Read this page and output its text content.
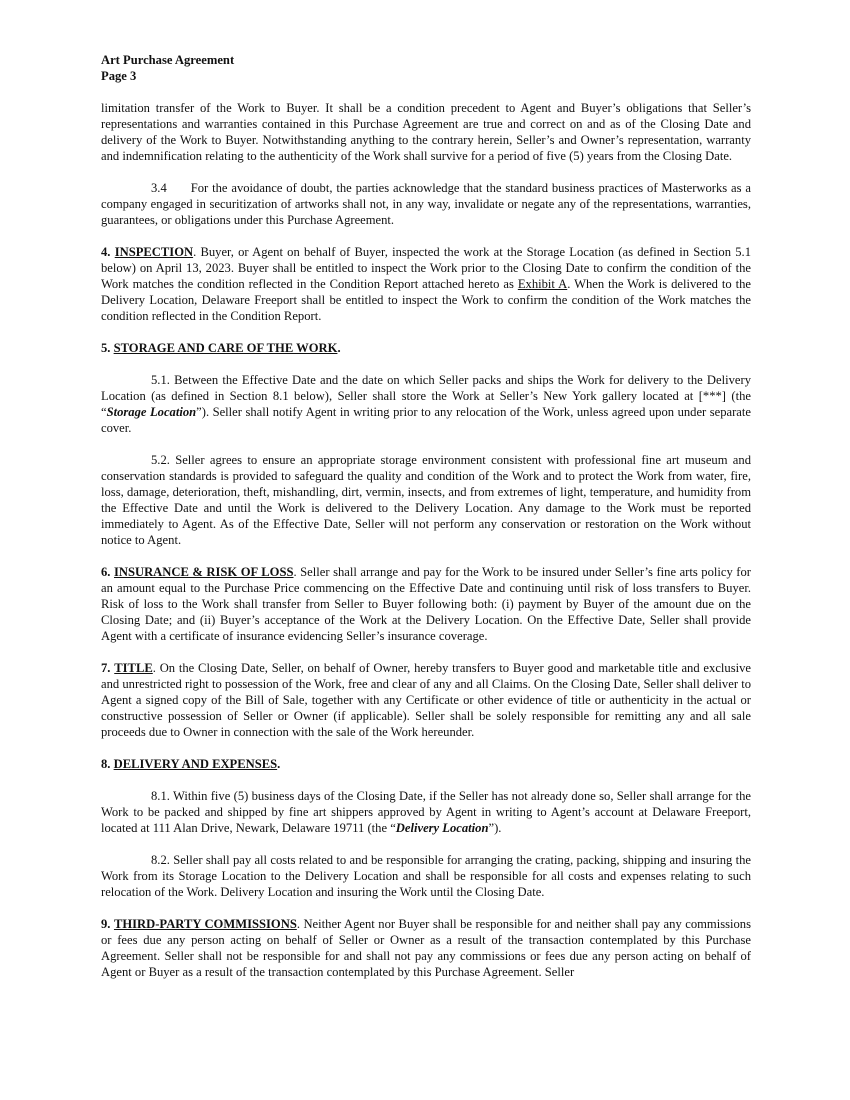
Art Purchase Agreement
Page 3

limitation transfer of the Work to Buyer. It shall be a condition precedent to Agent and Buyer’s obligations that Seller’s representations and warranties contained in this Purchase Agreement are true and correct on and as of the Closing Date and delivery of the Work to Buyer. Notwithstanding anything to the contrary herein, Seller’s and Owner’s representation, warranty and indemnification relating to the authenticity of the Work shall survive for a period of five (5) years from the Closing Date.

3.4 For the avoidance of doubt, the parties acknowledge that the standard business practices of Masterworks as a company engaged in securitization of artworks shall not, in any way, invalidate or negate any of the representations, warranties, guarantees, or obligations under this Purchase Agreement.

4. INSPECTION. Buyer, or Agent on behalf of Buyer, inspected the work at the Storage Location (as defined in Section 5.1 below) on April 13, 2023. Buyer shall be entitled to inspect the Work prior to the Closing Date to confirm the condition of the Work matches the condition reflected in the Condition Report attached hereto as Exhibit A. When the Work is delivered to the Delivery Location, Delaware Freeport shall be entitled to inspect the Work to confirm the condition of the Work matches the condition reflected in the Condition Report.

5. STORAGE AND CARE OF THE WORK.

5.1. Between the Effective Date and the date on which Seller packs and ships the Work for delivery to the Delivery Location (as defined in Section 8.1 below), Seller shall store the Work at Seller’s New York gallery located at [***] (the “Storage Location”). Seller shall notify Agent in writing prior to any relocation of the Work, unless agreed upon under separate cover.

5.2. Seller agrees to ensure an appropriate storage environment consistent with professional fine art museum and conservation standards is provided to safeguard the quality and condition of the Work and to protect the Work from water, fire, loss, damage, deterioration, theft, mishandling, dirt, vermin, insects, and from extremes of light, temperature, and humidity from the Effective Date and until the Work is delivered to the Delivery Location. Any damage to the Work must be reported immediately to Agent. As of the Effective Date, Seller will not perform any conservation or restoration on the Work without notice to Agent.

6. INSURANCE & RISK OF LOSS. Seller shall arrange and pay for the Work to be insured under Seller’s fine arts policy for an amount equal to the Purchase Price commencing on the Effective Date and continuing until risk of loss transfers to Buyer. Risk of loss to the Work shall transfer from Seller to Buyer following both: (i) payment by Buyer of the amount due on the Closing Date; and (ii) Buyer’s acceptance of the Work at the Delivery Location. On the Effective Date, Seller shall provide Agent with a certificate of insurance evidencing Seller’s insurance coverage.

7. TITLE. On the Closing Date, Seller, on behalf of Owner, hereby transfers to Buyer good and marketable title and exclusive and unrestricted right to possession of the Work, free and clear of any and all Claims. On the Closing Date, Seller shall deliver to Agent a signed copy of the Bill of Sale, together with any Certificate or other evidence of title or authenticity in the actual or constructive possession of Seller or Owner (if applicable). Seller shall be solely responsible for remitting any and all sale proceeds due to Owner in connection with the sale of the Work hereunder.

8. DELIVERY AND EXPENSES.

8.1. Within five (5) business days of the Closing Date, if the Seller has not already done so, Seller shall arrange for the Work to be packed and shipped by fine art shippers approved by Agent in writing to Agent’s account at Delaware Freeport, located at 111 Alan Drive, Newark, Delaware 19711 (the “Delivery Location”).

8.2. Seller shall pay all costs related to and be responsible for arranging the crating, packing, shipping and insuring the Work from its Storage Location to the Delivery Location and shall be responsible for all costs and expenses relating to such relocation of the Work. Delivery Location and insuring the Work until the Closing Date.

9. THIRD-PARTY COMMISSIONS. Neither Agent nor Buyer shall be responsible for and neither shall pay any commissions or fees due any person acting on behalf of Seller or Owner as a result of the transaction contemplated by this Purchase Agreement. Seller shall not be responsible for and shall not pay any commissions or fees due any person acting on behalf of Agent or Buyer as a result of the transaction contemplated by this Purchase Agreement. Seller
